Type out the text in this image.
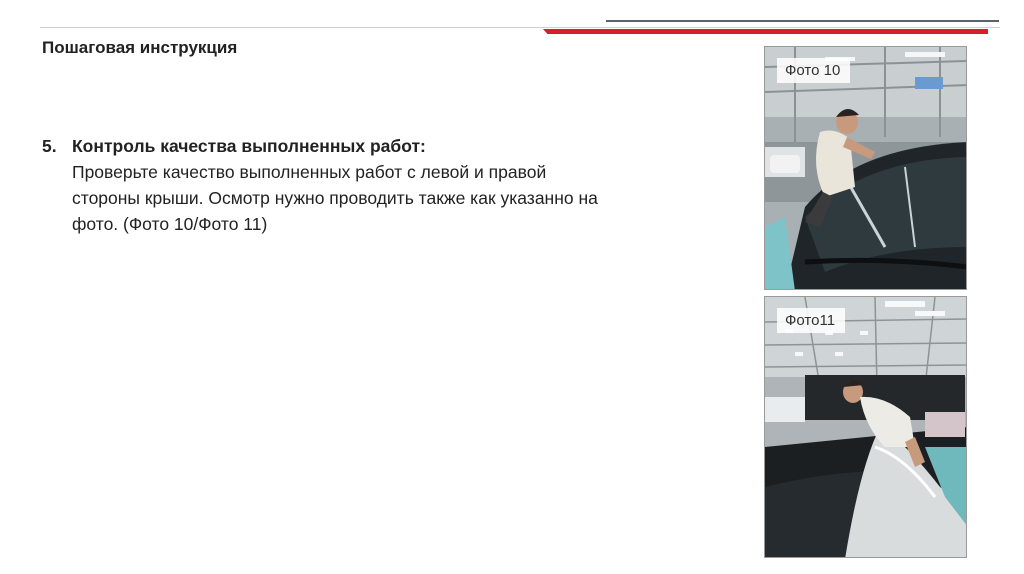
Пошаговая инструкция
5. Контроль качества выполненных работ:
Проверьте качество выполненных работ с левой и правой стороны крыши. Осмотр нужно проводить также как указанно на фото. (Фото 10/Фото 11)
Фото 10
Фото11
